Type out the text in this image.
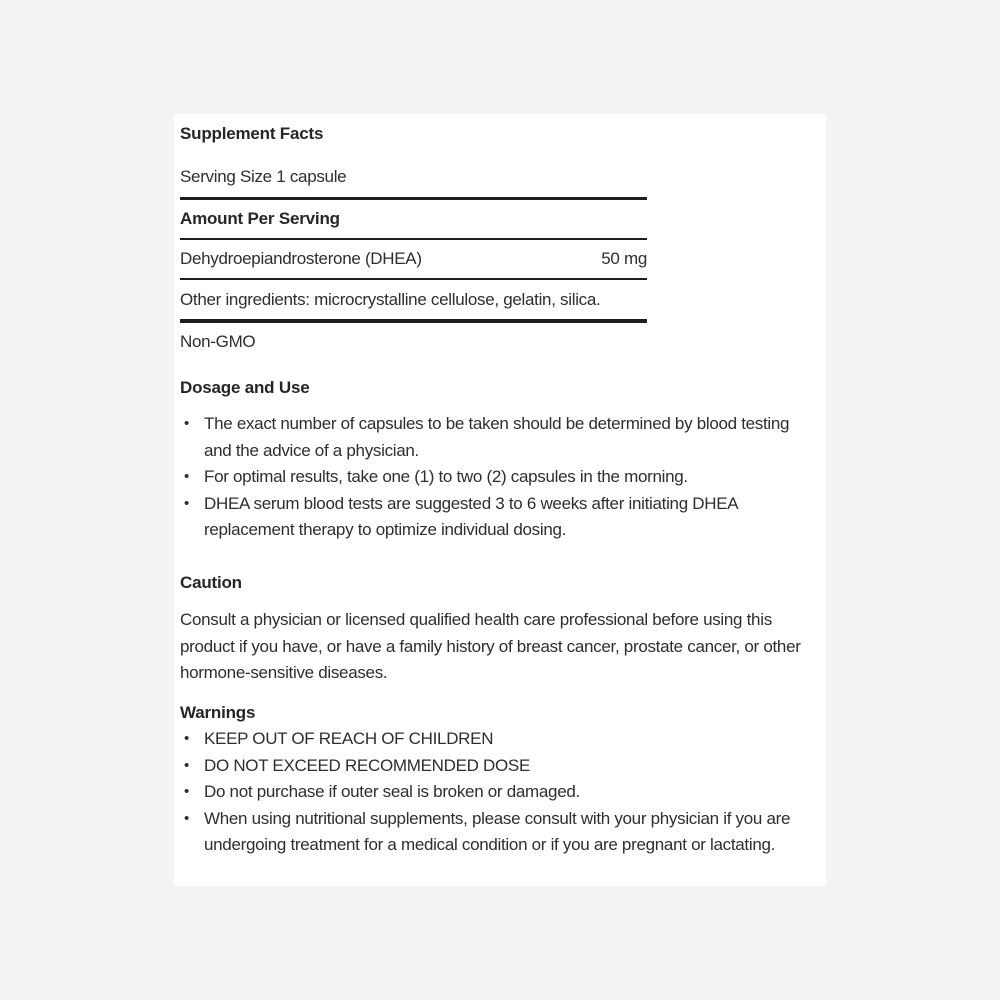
Supplement Facts
Serving Size 1 capsule
Amount Per Serving
Dehydroepiandrosterone (DHEA)	50 mg
Other ingredients: microcrystalline cellulose, gelatin, silica.
Non-GMO
Dosage and Use
• The exact number of capsules to be taken should be determined by blood testing and the advice of a physician.
• For optimal results, take one (1) to two (2) capsules in the morning.
• DHEA serum blood tests are suggested 3 to 6 weeks after initiating DHEA replacement therapy to optimize individual dosing.
Caution
Consult a physician or licensed qualified health care professional before using this product if you have, or have a family history of breast cancer, prostate cancer, or other hormone-sensitive diseases.
Warnings
• KEEP OUT OF REACH OF CHILDREN
• DO NOT EXCEED RECOMMENDED DOSE
• Do not purchase if outer seal is broken or damaged.
• When using nutritional supplements, please consult with your physician if you are undergoing treatment for a medical condition or if you are pregnant or lactating.
